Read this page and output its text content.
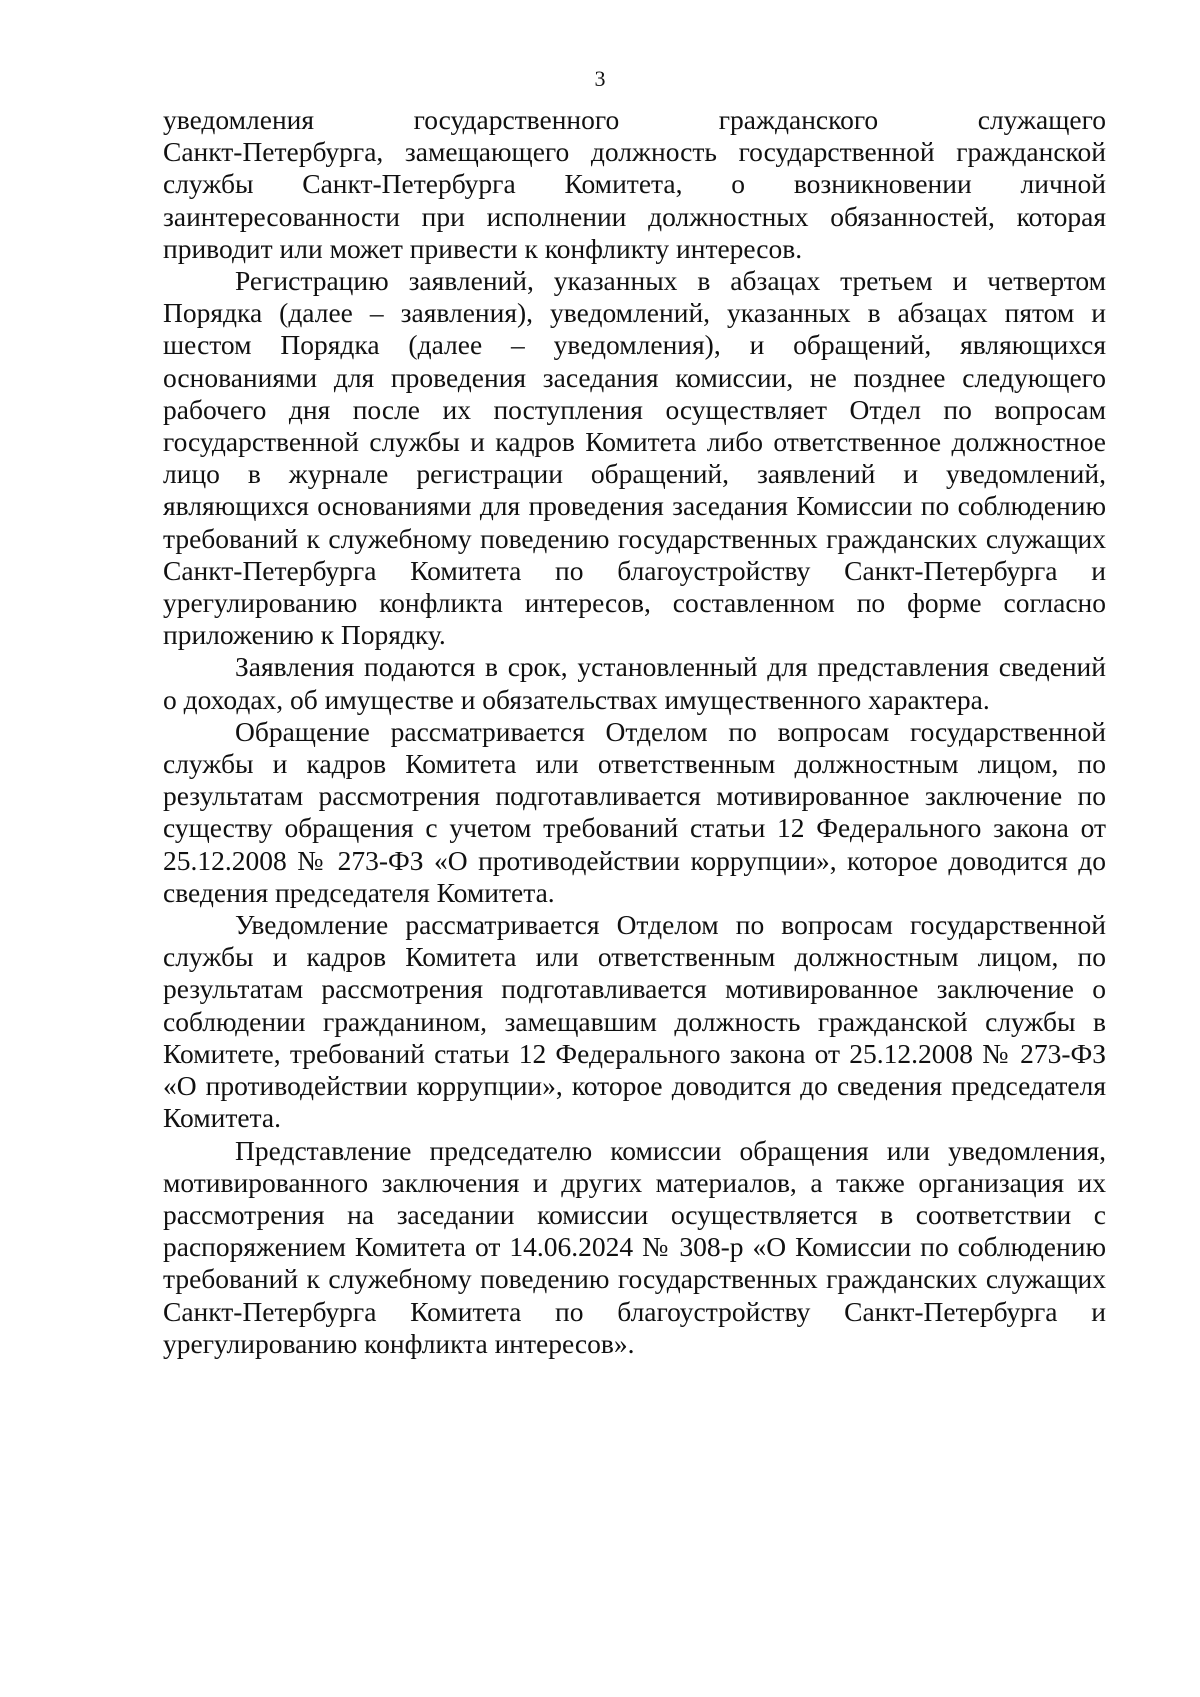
3

уведомления государственного гражданского служащего

Санкт-Петербурга, замещающего должность государственной гражданской службы Санкт-Петербурга Комитета, о возникновении личной заинтересованности при исполнении должностных обязанностей, которая приводит или может привести к конфликту интересов.

Регистрацию заявлений, указанных в абзацах третьем и четвертом Порядка (далее – заявления), уведомлений, указанных в абзацах пятом и шестом Порядка (далее – уведомления), и обращений, являющихся основаниями для проведения заседания комиссии, не позднее следующего рабочего дня после их поступления осуществляет Отдел по вопросам государственной службы и кадров Комитета либо ответственное должностное лицо в журнале регистрации обращений, заявлений и уведомлений, являющихся основаниями для проведения заседания Комиссии по соблюдению требований к служебному поведению государственных гражданских служащих Санкт-Петербурга Комитета по благоустройству Санкт-Петербурга и урегулированию конфликта интересов, составленном по форме согласно приложению к Порядку.

Заявления подаются в срок, установленный для представления сведений о доходах, об имуществе и обязательствах имущественного характера.

Обращение рассматривается Отделом по вопросам государственной службы и кадров Комитета или ответственным должностным лицом, по результатам рассмотрения подготавливается мотивированное заключение по существу обращения с учетом требований статьи 12 Федерального закона от 25.12.2008 № 273-ФЗ «О противодействии коррупции», которое доводится до сведения председателя Комитета.

Уведомление рассматривается Отделом по вопросам государственной службы и кадров Комитета или ответственным должностным лицом, по результатам рассмотрения подготавливается мотивированное заключение о соблюдении гражданином, замещавшим должность гражданской службы в Комитете, требований статьи 12 Федерального закона от 25.12.2008 № 273-ФЗ «О противодействии коррупции», которое доводится до сведения председателя Комитета.

Представление председателю комиссии обращения или уведомления, мотивированного заключения и других материалов, а также организация их рассмотрения на заседании комиссии осуществляется в соответствии с распоряжением Комитета от 14.06.2024 № 308-р «О Комиссии по соблюдению требований к служебному поведению государственных гражданских служащих Санкт-Петербурга Комитета по благоустройству Санкт-Петербурга и урегулированию конфликта интересов».
